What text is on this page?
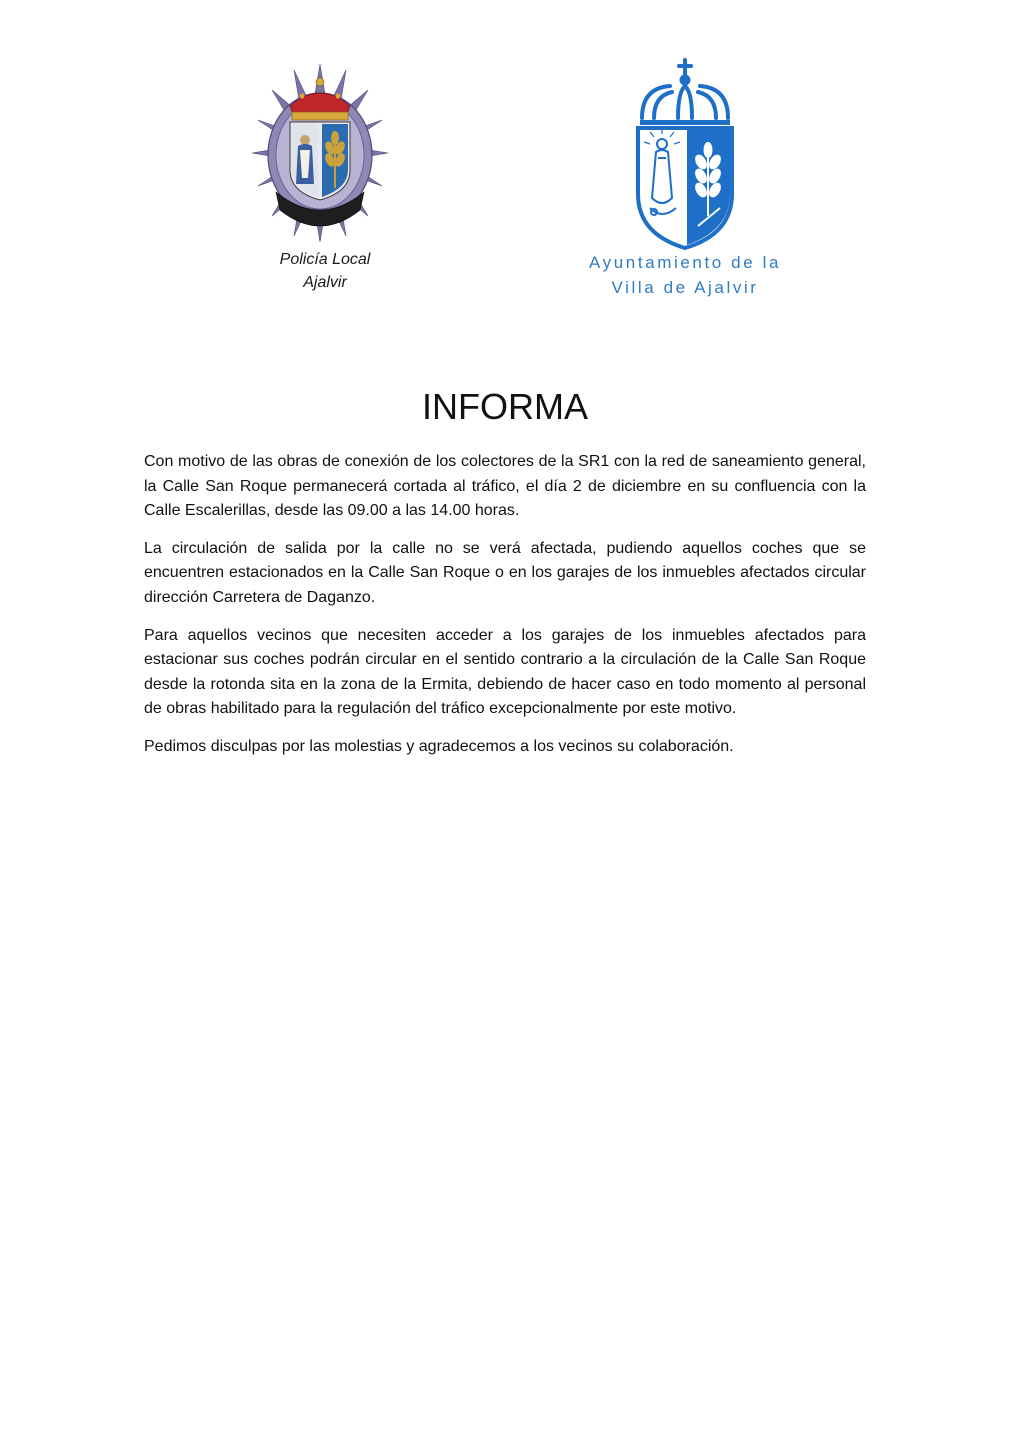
Policía Local
Ajalvir
Ayuntamiento de la
Villa de Ajalvir
INFORMA

Con motivo de las obras de conexión de los colectores de la SR1 con la red de saneamiento general, la Calle San Roque permanecerá cortada al tráfico, el día 2 de diciembre en su confluencia con la Calle Escalerillas, desde las 09.00 a las 14.00 horas.

La circulación de salida por la calle no se verá afectada, pudiendo aquellos coches que se encuentren estacionados en la Calle San Roque o en los garajes de los inmuebles afectados circular dirección Carretera de Daganzo.

Para aquellos vecinos que necesiten acceder a los garajes de los inmuebles afectados para estacionar sus coches podrán circular en el sentido contrario a la circulación de la Calle San Roque desde la rotonda sita en la zona de la Ermita, debiendo de hacer caso en todo momento al personal de obras habilitado para la regulación del tráfico excepcionalmente por este motivo.

Pedimos disculpas por las molestias y agradecemos a los vecinos su colaboración.
